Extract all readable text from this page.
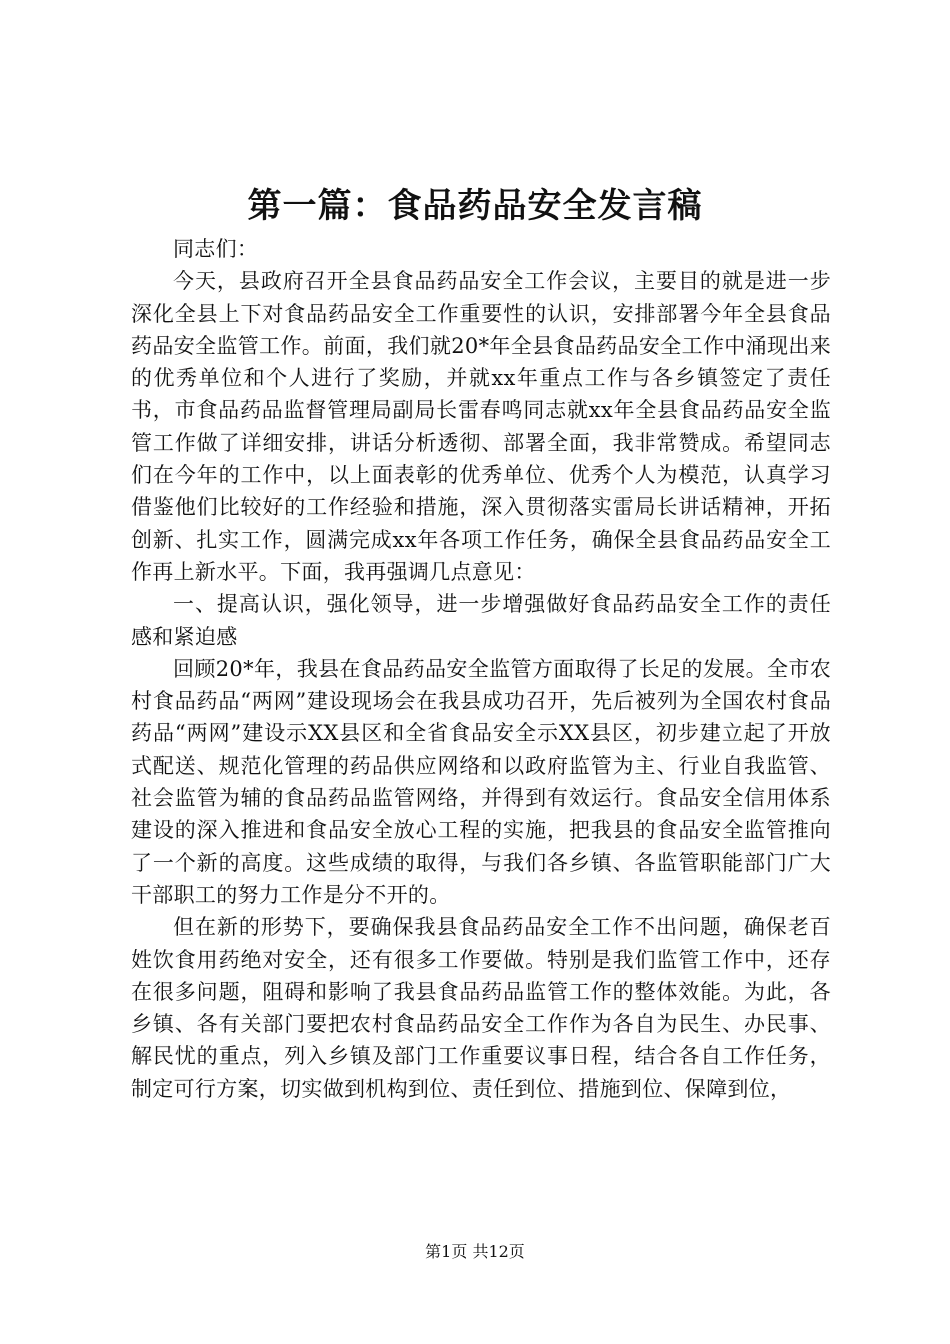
第一篇：食品药品安全发言稿

同志们：

今天，县政府召开全县食品药品安全工作会议，主要目的就是进一步深化全县上下对食品药品安全工作重要性的认识，安排部署今年全县食品药品安全监管工作。前面，我们就20*年全县食品药品安全工作中涌现出来的优秀单位和个人进行了奖励，并就xx年重点工作与各乡镇签定了责任书，市食品药品监督管理局副局长雷春鸣同志就xx年全县食品药品安全监管工作做了详细安排，讲话分析透彻、部署全面，我非常赞成。希望同志们在今年的工作中，以上面表彰的优秀单位、优秀个人为模范，认真学习借鉴他们比较好的工作经验和措施，深入贯彻落实雷局长讲话精神，开拓创新、扎实工作，圆满完成xx年各项工作任务，确保全县食品药品安全工作再上新水平。下面，我再强调几点意见：

一、提高认识，强化领导，进一步增强做好食品药品安全工作的责任感和紧迫感

回顾20*年，我县在食品药品安全监管方面取得了长足的发展。全市农村食品药品“两网”建设现场会在我县成功召开，先后被列为全国农村食品药品“两网”建设示XX县区和全省食品安全示XX县区，初步建立起了开放式配送、规范化管理的药品供应网络和以政府监管为主、行业自我监管、社会监管为辅的食品药品监管网络，并得到有效运行。食品安全信用体系建设的深入推进和食品安全放心工程的实施，把我县的食品安全监管推向了一个新的高度。这些成绩的取得，与我们各乡镇、各监管职能部门广大干部职工的努力工作是分不开的。

但在新的形势下，要确保我县食品药品安全工作不出问题，确保老百姓饮食用药绝对安全，还有很多工作要做。特别是我们监管工作中，还存在很多问题，阻碍和影响了我县食品药品监管工作的整体效能。为此，各乡镇、各有关部门要把农村食品药品安全工作作为各自为民生、办民事、解民忧的重点，列入乡镇及部门工作重要议事日程，结合各自工作任务，制定可行方案，切实做到机构到位、责任到位、措施到位、保障到位，

第1页 共12页
